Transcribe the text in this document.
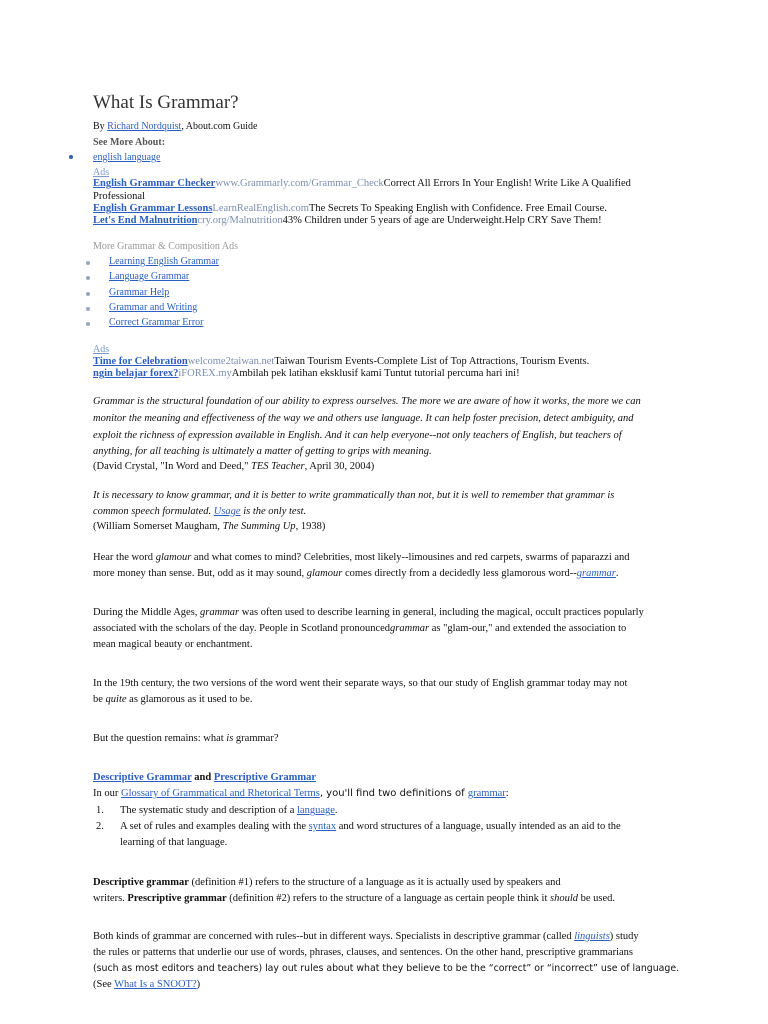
What Is Grammar?
By Richard Nordquist, About.com Guide
See More About:
english language
Ads
English Grammar Checkerwww.Grammarly.com/Grammar_CheckCorrect All Errors In Your English! Write Like A Qualified
Professional
English Grammar LessonsLearnRealEnglish.comThe Secrets To Speaking English with Confidence. Free Email Course.
Let's End Malnutritioncry.org/Malnutrition43% Children under 5 years of age are Underweight.Help CRY Save Them!
More Grammar & Composition Ads
Learning English Grammar
Language Grammar
Grammar Help
Grammar and Writing
Correct Grammar Error
Ads
Time for Celebrationwelcome2taiwan.netTaiwan Tourism Events-Complete List of Top Attractions, Tourism Events.
ngin belajar forex?iFOREX.myAmbilah pek latihan eksklusif kami Tuntut tutorial percuma hari ini!
Grammar is the structural foundation of our ability to express ourselves. The more we are aware of how it works, the more we can
monitor the meaning and effectiveness of the way we and others use language. It can help foster precision, detect ambiguity, and
exploit the richness of expression available in English. And it can help everyone--not only teachers of English, but teachers of
anything, for all teaching is ultimately a matter of getting to grips with meaning.
(David Crystal, "In Word and Deed," TES Teacher, April 30, 2004)
It is necessary to know grammar, and it is better to write grammatically than not, but it is well to remember that grammar is
common speech formulated. Usage is the only test.
(William Somerset Maugham, The Summing Up, 1938)
Hear the word glamour and what comes to mind? Celebrities, most likely--limousines and red carpets, swarms of paparazzi and
more money than sense. But, odd as it may sound, glamour comes directly from a decidedly less glamorous word--grammar.
During the Middle Ages, grammar was often used to describe learning in general, including the magical, occult practices popularly
associated with the scholars of the day. People in Scotland pronouncedgrammar as "glam-our," and extended the association to
mean magical beauty or enchantment.
In the 19th century, the two versions of the word went their separate ways, so that our study of English grammar today may not
be quite as glamorous as it used to be.
But the question remains: what is grammar?
Descriptive Grammar and Prescriptive Grammar
In our Glossary of Grammatical and Rhetorical Terms, you'll find two definitions of grammar:
1. The systematic study and description of a language.
2. A set of rules and examples dealing with the syntax and word structures of a language, usually intended as an aid to the
learning of that language.
Descriptive grammar (definition #1) refers to the structure of a language as it is actually used by speakers and
writers. Prescriptive grammar (definition #2) refers to the structure of a language as certain people think it should be used.
Both kinds of grammar are concerned with rules--but in different ways. Specialists in descriptive grammar (called linguists) study
the rules or patterns that underlie our use of words, phrases, clauses, and sentences. On the other hand, prescriptive grammarians
(such as most editors and teachers) lay out rules about what they believe to be the “correct” or “incorrect” use of language.
(See What Is a SNOOT?)
